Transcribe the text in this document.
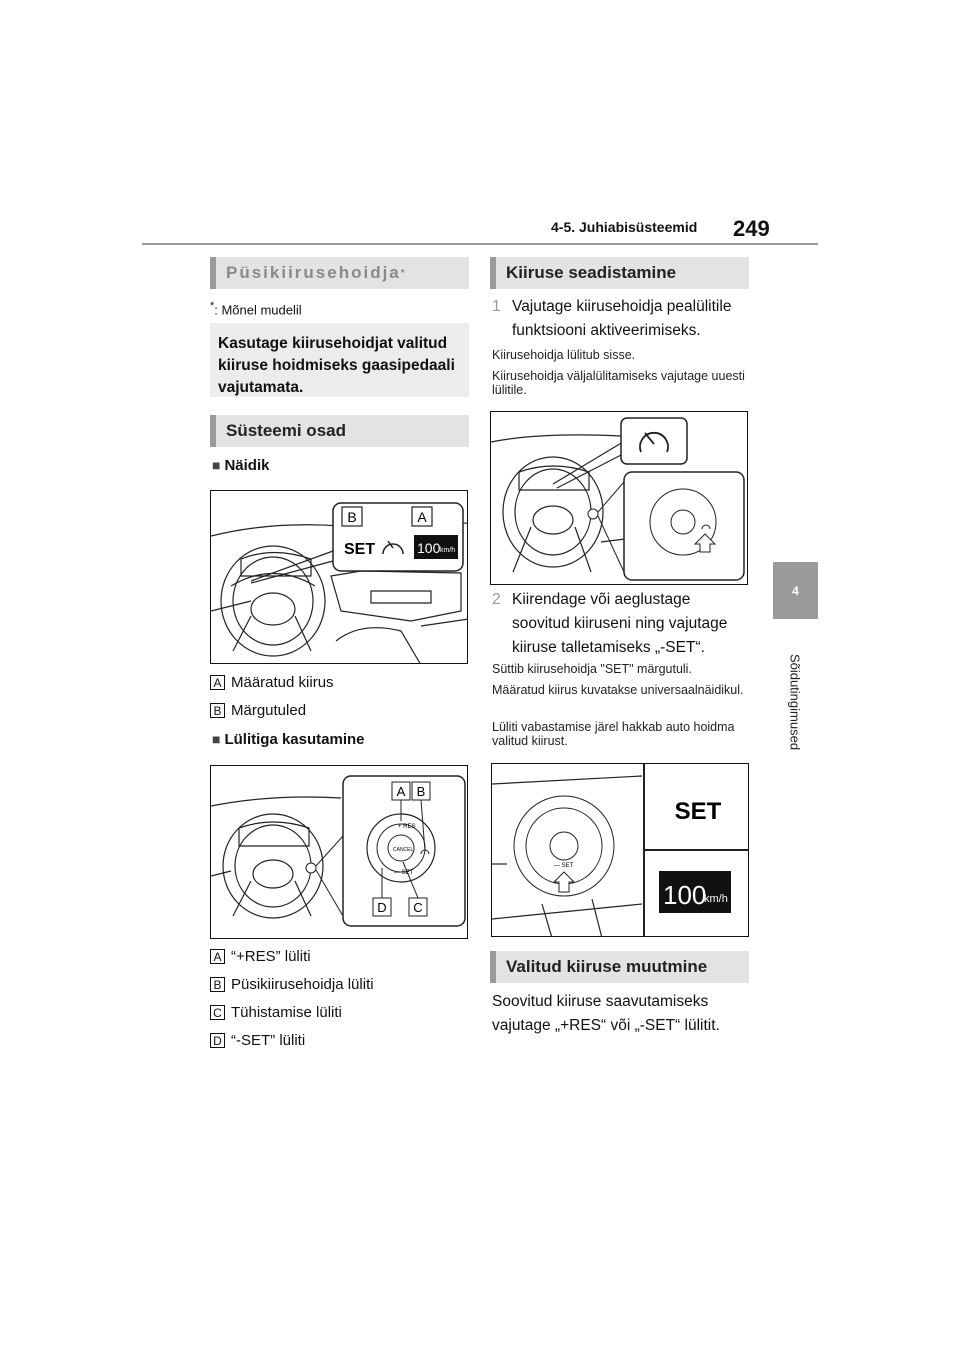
4-5. Juhiabisüsteemid 249
4
Sõidutingimused
Püsikiirusehoidja *
*: Mõnel mudelil
Kasutage kiirusehoidjat valitud kiiruse hoidmiseks gaasipedaali vajutamata.
Süsteemi osad
■ Näidik
B	A
SET	100 km/h
A Määratud kiirus
B Märgutuled
■ Lülitiga kasutamine
+ RES
CANCEL
— SET
A B
D C
A “+RES” lüliti
B Püsikiirusehoidja lüliti
C Tühistamise lüliti
D “-SET” lüliti
Kiiruse seadistamine
1 Vajutage kiirusehoidja pealülitile funktsiooni aktiveerimiseks.
Kiirusehoidja lülitub sisse.
Kiirusehoidja väljalülitamiseks vajutage uuesti lülitile.
2 Kiirendage või aeglustage soovitud kiiruseni ning vajutage kiiruse talletamiseks „-SET“.
Süttib kiirusehoidja "SET" märgutuli.
Määratud kiirus kuvatakse universaalnäidikul.
Lüliti vabastamise järel hakkab auto hoidma valitud kiirust.
— SET
SET
100
km/h
Valitud kiiruse muutmine
Soovitud kiiruse saavutamiseks vajutage „+RES“ või „-SET“ lülitit.
